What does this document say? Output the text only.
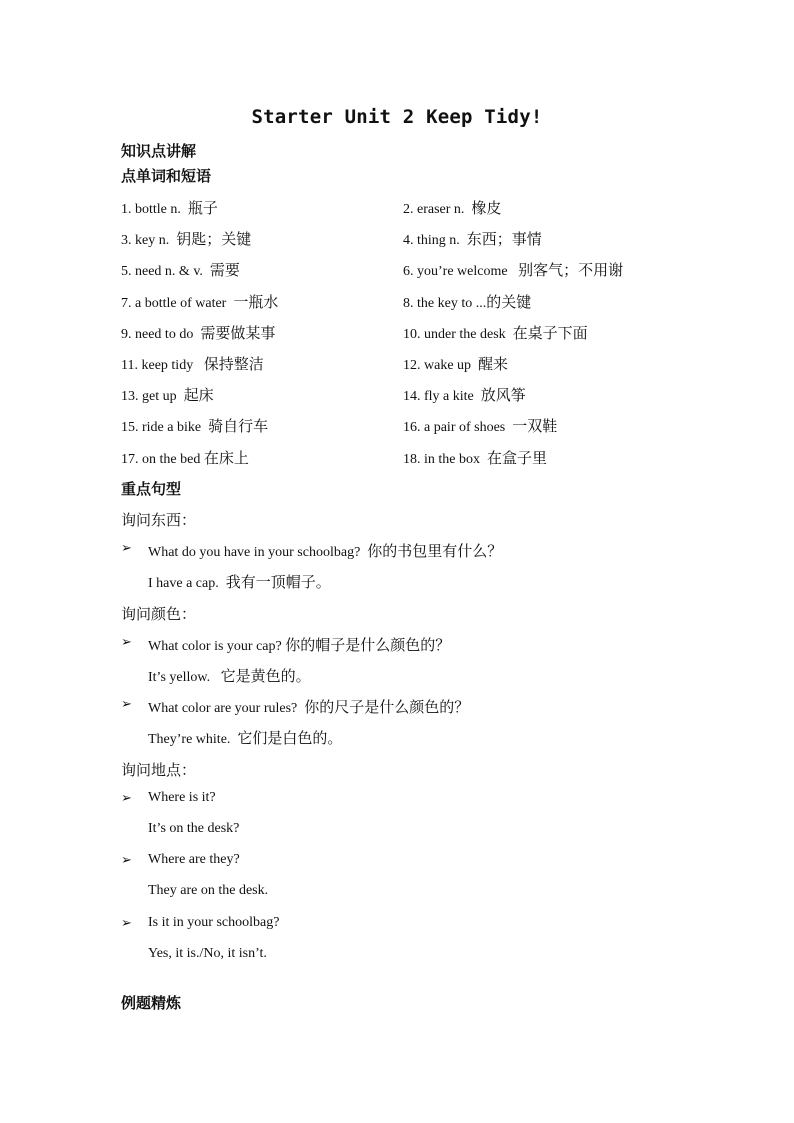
Starter Unit 2 Keep Tidy!
知识点讲解
点单词和短语
1. bottle n. 瓶子	2. eraser n. 橡皮
3. key n. 钥匙；关键	4. thing n. 东西；事情
5. need n. & v. 需要	6. you’re welcome 别客气；不用谢
7. a bottle of water 一瓶水	8. the key to ...的关键
9. need to do 需要做某事	10. under the desk 在桌子下面
11. keep tidy 保持整洁	12. wake up 醒来
13. get up 起床	14. fly a kite 放风筝
15. ride a bike 骑自行车	16. a pair of shoes 一双鞋
17. on the bed 在床上	18. in the box 在盒子里
重点句型
询问东西：
➢ What do you have in your schoolbag? 你的书包里有什么？
I have a cap. 我有一顶帽子。
询问颜色：
➢ What color is your cap? 你的帽子是什么颜色的？
It’s yellow. 它是黄色的。
➢ What color are your rules? 你的尺子是什么颜色的？
They’re white. 它们是白色的。
询问地点：
➢ Where is it?
It’s on the desk?
➢ Where are they?
They are on the desk.
➢ Is it in your schoolbag?
Yes, it is./No, it isn’t.
例题精炼
